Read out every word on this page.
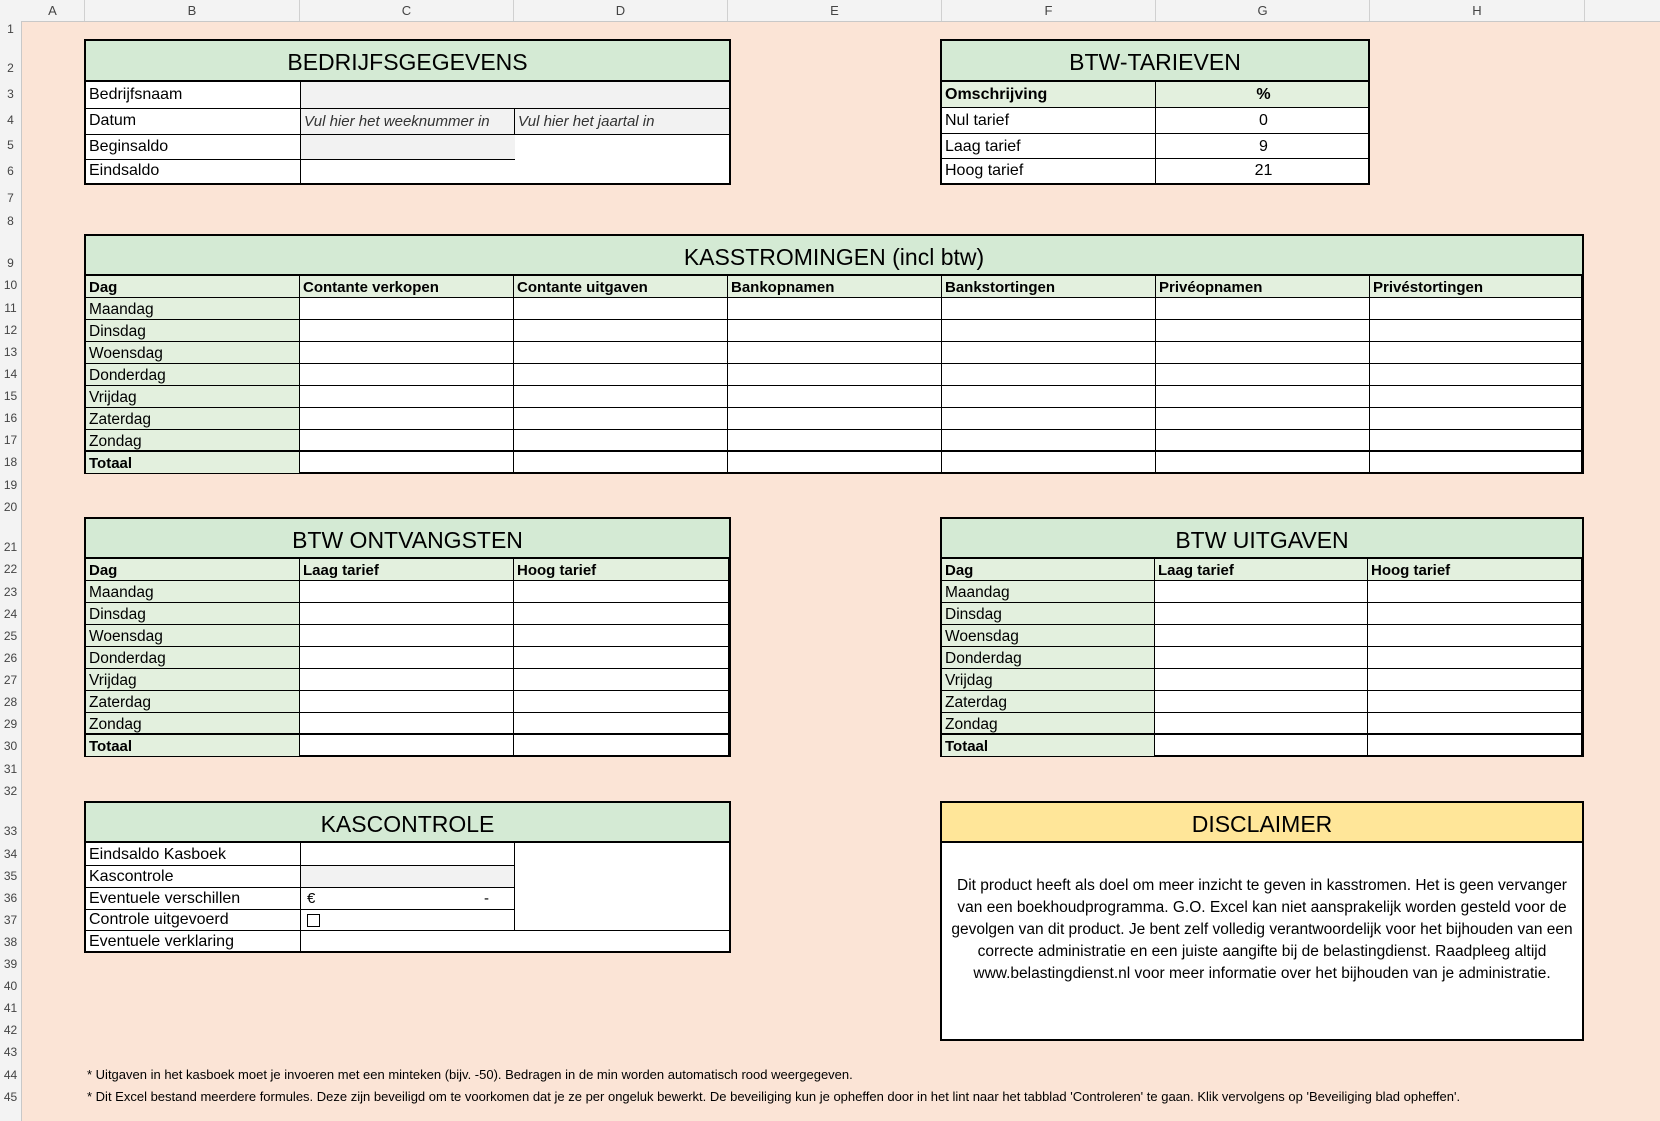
A	B	C	D	E	F	G	H
1
2
3
4
5
6
7
8
9
10
11
12
13
14
15
16
17
18
19
20
21
22
23
24
25
26
27
28
29
30
31
32
33
34
35
36
37
38
39
40
41
42
43
44
45
BEDRIJFSGEGEVENS
Bedrijfsnaam
Datum	Vul hier het weeknummer in	Vul hier het jaartal in
Beginsaldo
Eindsaldo
BTW-TARIEVEN
Omschrijving	%
Nul tarief	0
Laag tarief	9
Hoog tarief	21
KASSTROMINGEN (incl btw)
Dag	Contante verkopen	Contante uitgaven	Bankopnamen	Bankstortingen	Privéopnamen	Privéstortingen
Maandag
Dinsdag
Woensdag
Donderdag
Vrijdag
Zaterdag
Zondag
Totaal
BTW ONTVANGSTEN
Dag	Laag tarief	Hoog tarief
Maandag
Dinsdag
Woensdag
Donderdag
Vrijdag
Zaterdag
Zondag
Totaal
BTW UITGAVEN
Dag	Laag tarief	Hoog tarief
Maandag
Dinsdag
Woensdag
Donderdag
Vrijdag
Zaterdag
Zondag
Totaal
KASCONTROLE
Eindsaldo Kasboek
Kascontrole
Eventuele verschillen	€	-
Controle uitgevoerd
Eventuele verklaring
DISCLAIMER
Dit product heeft als doel om meer inzicht te geven in kasstromen. Het is geen vervanger van een boekhoudprogramma. G.O. Excel kan niet aansprakelijk worden gesteld voor de gevolgen van dit product. Je bent zelf volledig verantwoordelijk voor het bijhouden van een correcte administratie en een juiste aangifte bij de belastingdienst. Raadpleeg altijd www.belastingdienst.nl voor meer informatie over het bijhouden van je administratie.
* Uitgaven in het kasboek moet je invoeren met een minteken (bijv. -50). Bedragen in de min worden automatisch rood weergegeven.
* Dit Excel bestand meerdere formules. Deze zijn beveiligd om te voorkomen dat je ze per ongeluk bewerkt. De beveiliging kun je opheffen door in het lint naar het tabblad 'Controleren' te gaan. Klik vervolgens op 'Beveiliging blad opheffen'.
